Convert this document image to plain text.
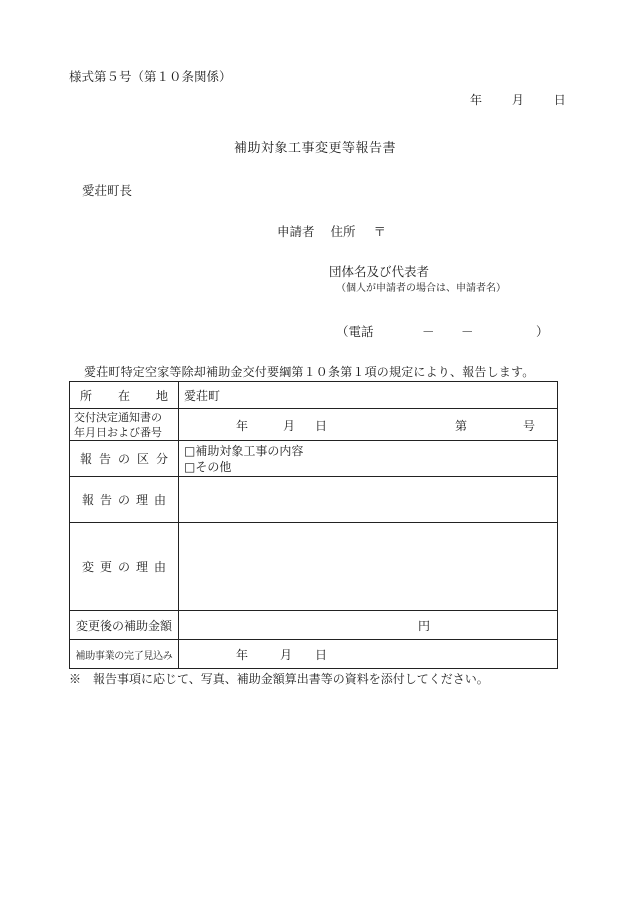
様式第５号（第１０条関係）
年 月 日
補助対象工事変更等報告書
愛荘町長
申請者 住所 〒
団体名及び代表者
（個人が申請者の場合は、申請者名）
（電話	－ －	）
愛荘町特定空家等除却補助金交付要綱第１０条第１項の規定により、報告します。
所 在 地	愛荘町

交付決定通知書の
年月日および番号	年 月 日 第 号

報 告 の 区 分	□補助対象工事の内容
□その他

報 告 の 理 由	

変 更 の 理 由	

変更後の補助金額	円

補助事業の完了見込み	年 月 日
※　報告事項に応じて、写真、補助金額算出書等の資料を添付してください。
